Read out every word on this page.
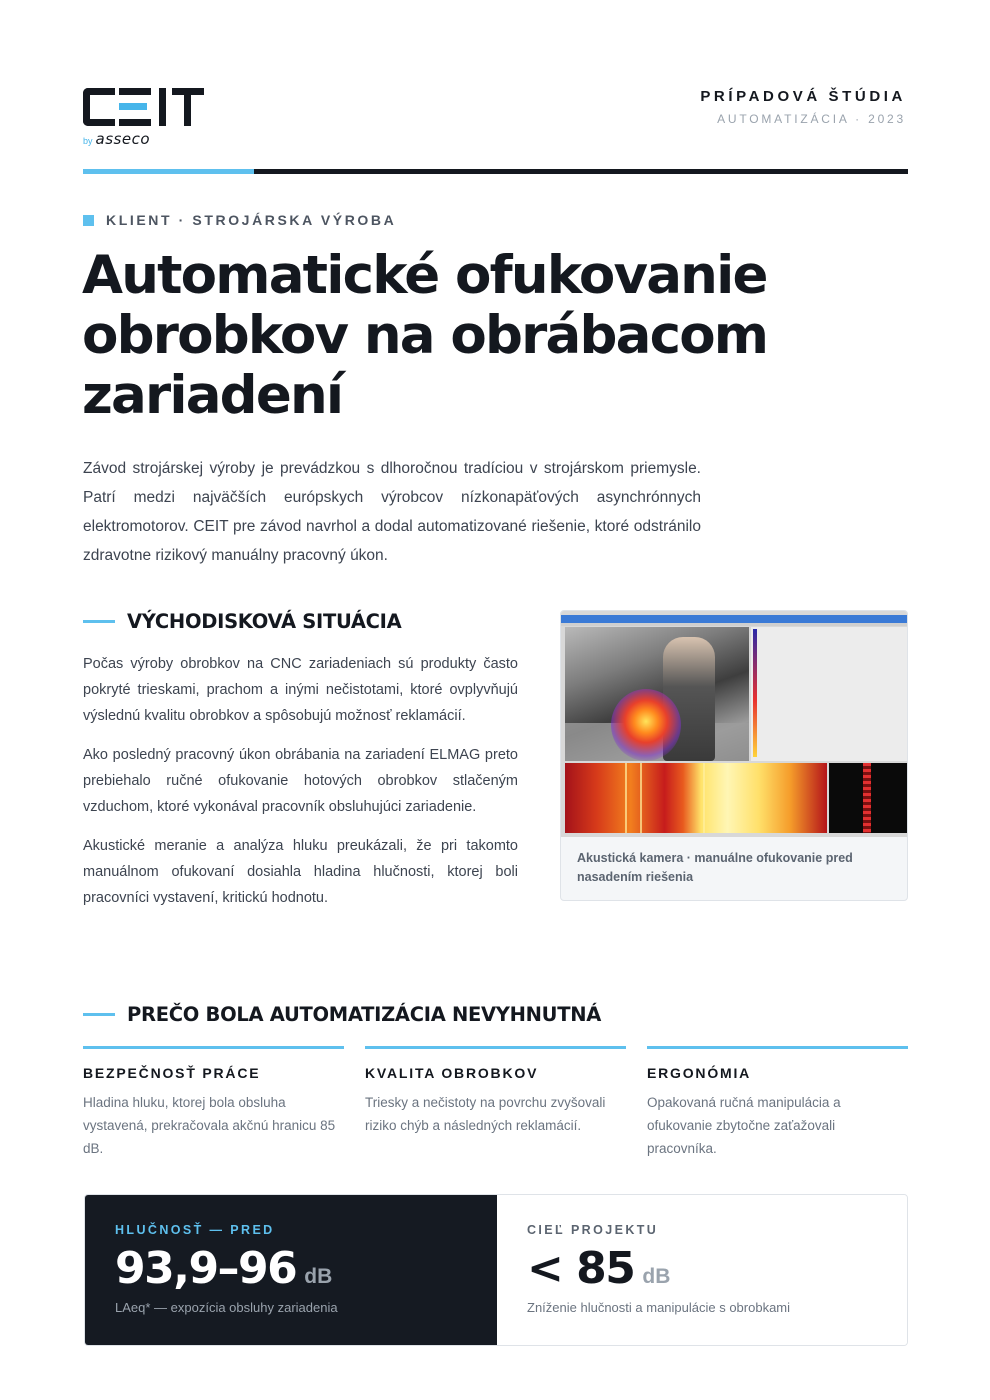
by asseco
PRÍPADOVÁ ŠTÚDIA
AUTOMATIZÁCIA · 2023
KLIENT · STROJÁRSKA VÝROBA
Automatické ofukovanie obrobkov na obrábacom zariadení

Závod strojárskej výroby je prevádzkou s dlhoročnou tradíciou v strojárskom priemysle. Patrí medzi najväčších európskych výrobcov nízkonapäťových asynchrónnych elektromotorov. CEIT pre závod navrhol a dodal automatizované riešenie, ktoré odstránilo zdravotne rizikový manuálny pracovný úkon.

VÝCHODISKOVÁ SITUÁCIA

Počas výroby obrobkov na CNC zariadeniach sú produkty často pokryté trieskami, prachom a inými nečistotami, ktoré ovplyvňujú výslednú kvalitu obrobkov a spôsobujú možnosť reklamácií.

Ako posledný pracovný úkon obrábania na zariadení ELMAG preto prebiehalo ručné ofukovanie hotových obrobkov stlačeným vzduchom, ktoré vykonával pracovník obsluhujúci zariadenie.

Akustické meranie a analýza hluku preukázali, že pri takomto manuálnom ofukovaní dosiahla hladina hlučnosti, ktorej boli pracovníci vystavení, kritickú hodnotu.

Akustická kamera · manuálne ofukovanie pred nasadením riešenia
PREČO BOLA AUTOMATIZÁCIA NEVYHNUTNÁ
BEZPEČNOSŤ PRÁCE

Hladina hluku, ktorej bola obsluha vystavená, prekračovala akčnú hranicu 85 dB.

KVALITA OBROBKOV

Triesky a nečistoty na povrchu zvyšovali riziko chýb a následných reklamácií.

ERGONÓMIA

Opakovaná ručná manipulácia a ofukovanie zbytočne zaťažovali pracovníka.

HLUČNOSŤ — PRED
93,9–96 dB
LAeq* — expozícia obsluhy zariadenia
CIEĽ PROJEKTU
< 85 dB
Zníženie hlučnosti a manipulácie s obrobkami
